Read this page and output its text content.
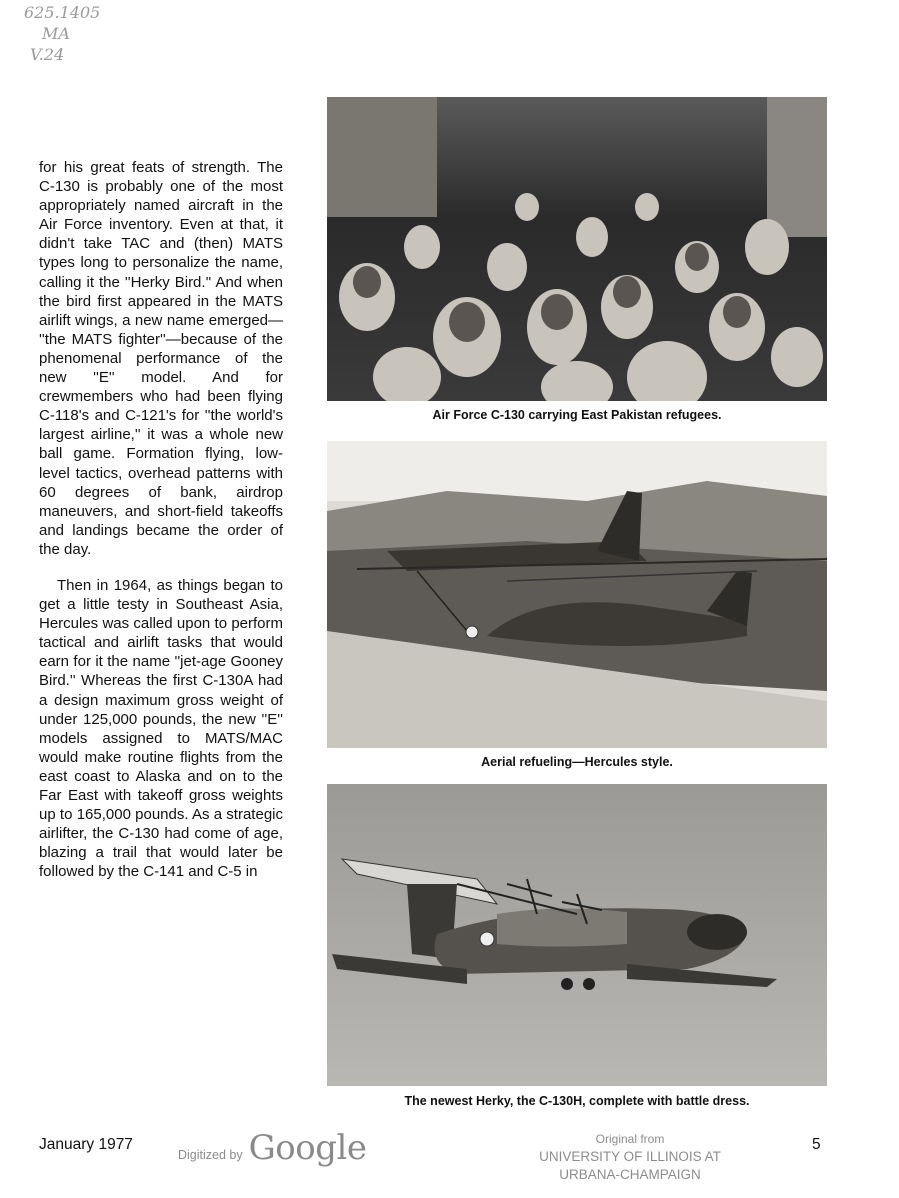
625.1405
MA
V.24

for his great feats of strength. The C-130 is probably one of the most appropriately named aircraft in the Air Force inventory. Even at that, it didn't take TAC and (then) MATS types long to personalize the name, calling it the ''Herky Bird.'' And when the bird first appeared in the MATS airlift wings, a new name emerged— ''the MATS fighter''—because of the phenomenal performance of the new ''E'' model. And for crewmembers who had been flying C-118's and C-121's for ''the world's largest airline,'' it was a whole new ball game. Formation flying, low-level tactics, overhead patterns with 60 degrees of bank, airdrop maneuvers, and short-field takeoffs and landings became the order of the day.

Then in 1964, as things began to get a little testy in Southeast Asia, Hercules was called upon to perform tactical and airlift tasks that would earn for it the name ''jet-age Gooney Bird.'' Whereas the first C-130A had a design maximum gross weight of under 125,000 pounds, the new ''E'' models assigned to MATS/MAC would make routine flights from the east coast to Alaska and on to the Far East with takeoff gross weights up to 165,000 pounds. As a strategic airlifter, the C-130 had come of age, blazing a trail that would later be followed by the C-141 and C-5 in

Air Force C-130 carrying East Pakistan refugees.
Aerial refueling—Hercules style.
The newest Herky, the C-130H, complete with battle dress.
January 1977
Digitized by Google	Original from
UNIVERSITY OF ILLINOIS AT
URBANA-CHAMPAIGN
5
